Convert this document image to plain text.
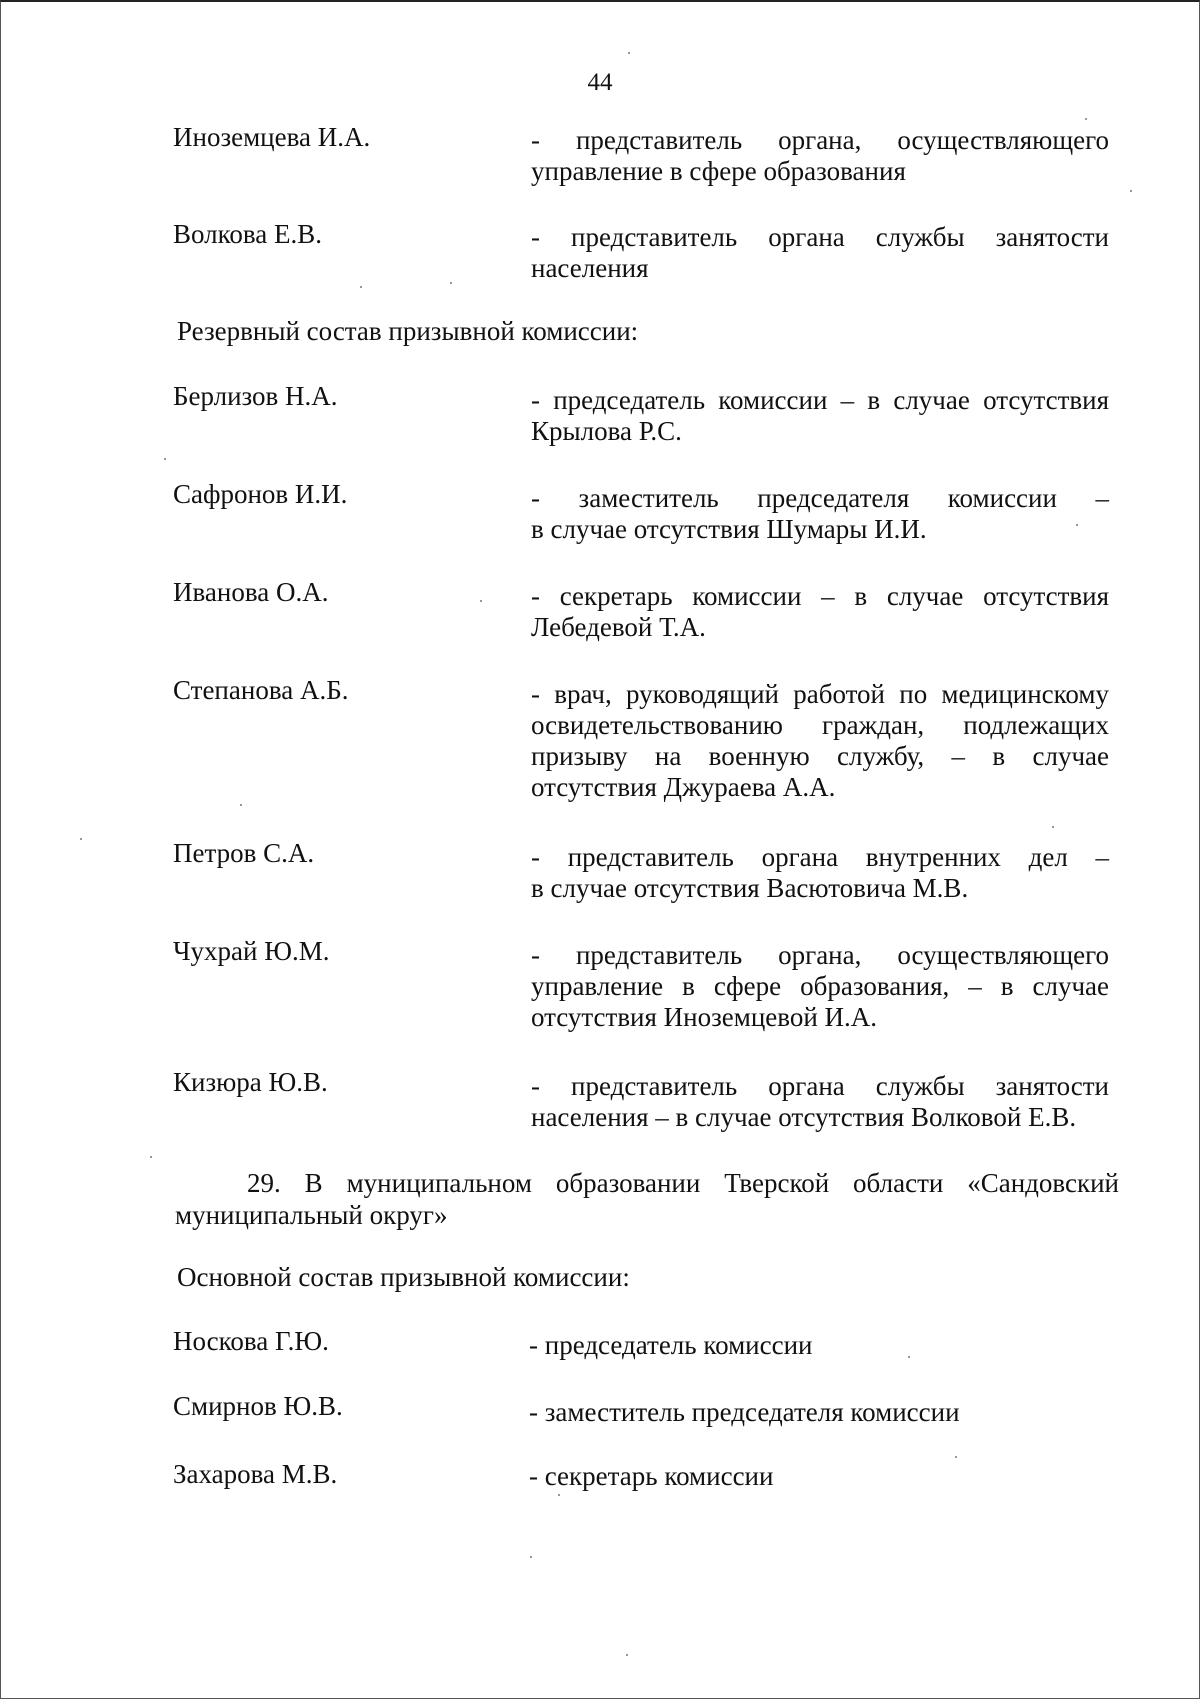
44
Иноземцева И.А.	- представитель органа, осуществляющего
управление в сфере образования
Волкова Е.В.	- представитель органа службы занятости
населения
Резервный состав призывной комиссии:
Берлизов Н.А.	- председатель комиссии – в случае отсутствия
Крылова Р.С.
Сафронов И.И.	- заместитель председателя комиссии –
в случае отсутствия Шумары И.И.
Иванова О.А.	- секретарь комиссии – в случае отсутствия
Лебедевой Т.А.
Степанова А.Б.	- врач, руководящий работой по медицинскому
освидетельствованию граждан, подлежащих
призыву на военную службу, – в случае
отсутствия Джураева А.А.
Петров С.А.	- представитель органа внутренних дел –
в случае отсутствия Васютовича М.В.
Чухрай Ю.М.	- представитель органа, осуществляющего
управление в сфере образования, – в случае
отсутствия Иноземцевой И.А.
Кизюра Ю.В.	- представитель органа службы занятости
населения – в случае отсутствия Волковой Е.В.
29. В муниципальном образовании Тверской области «Сандовский
муниципальный округ»
Основной состав призывной комиссии:
Носкова Г.Ю.	- председатель комиссии
Смирнов Ю.В.	- заместитель председателя комиссии
Захарова М.В.	- секретарь комиссии
